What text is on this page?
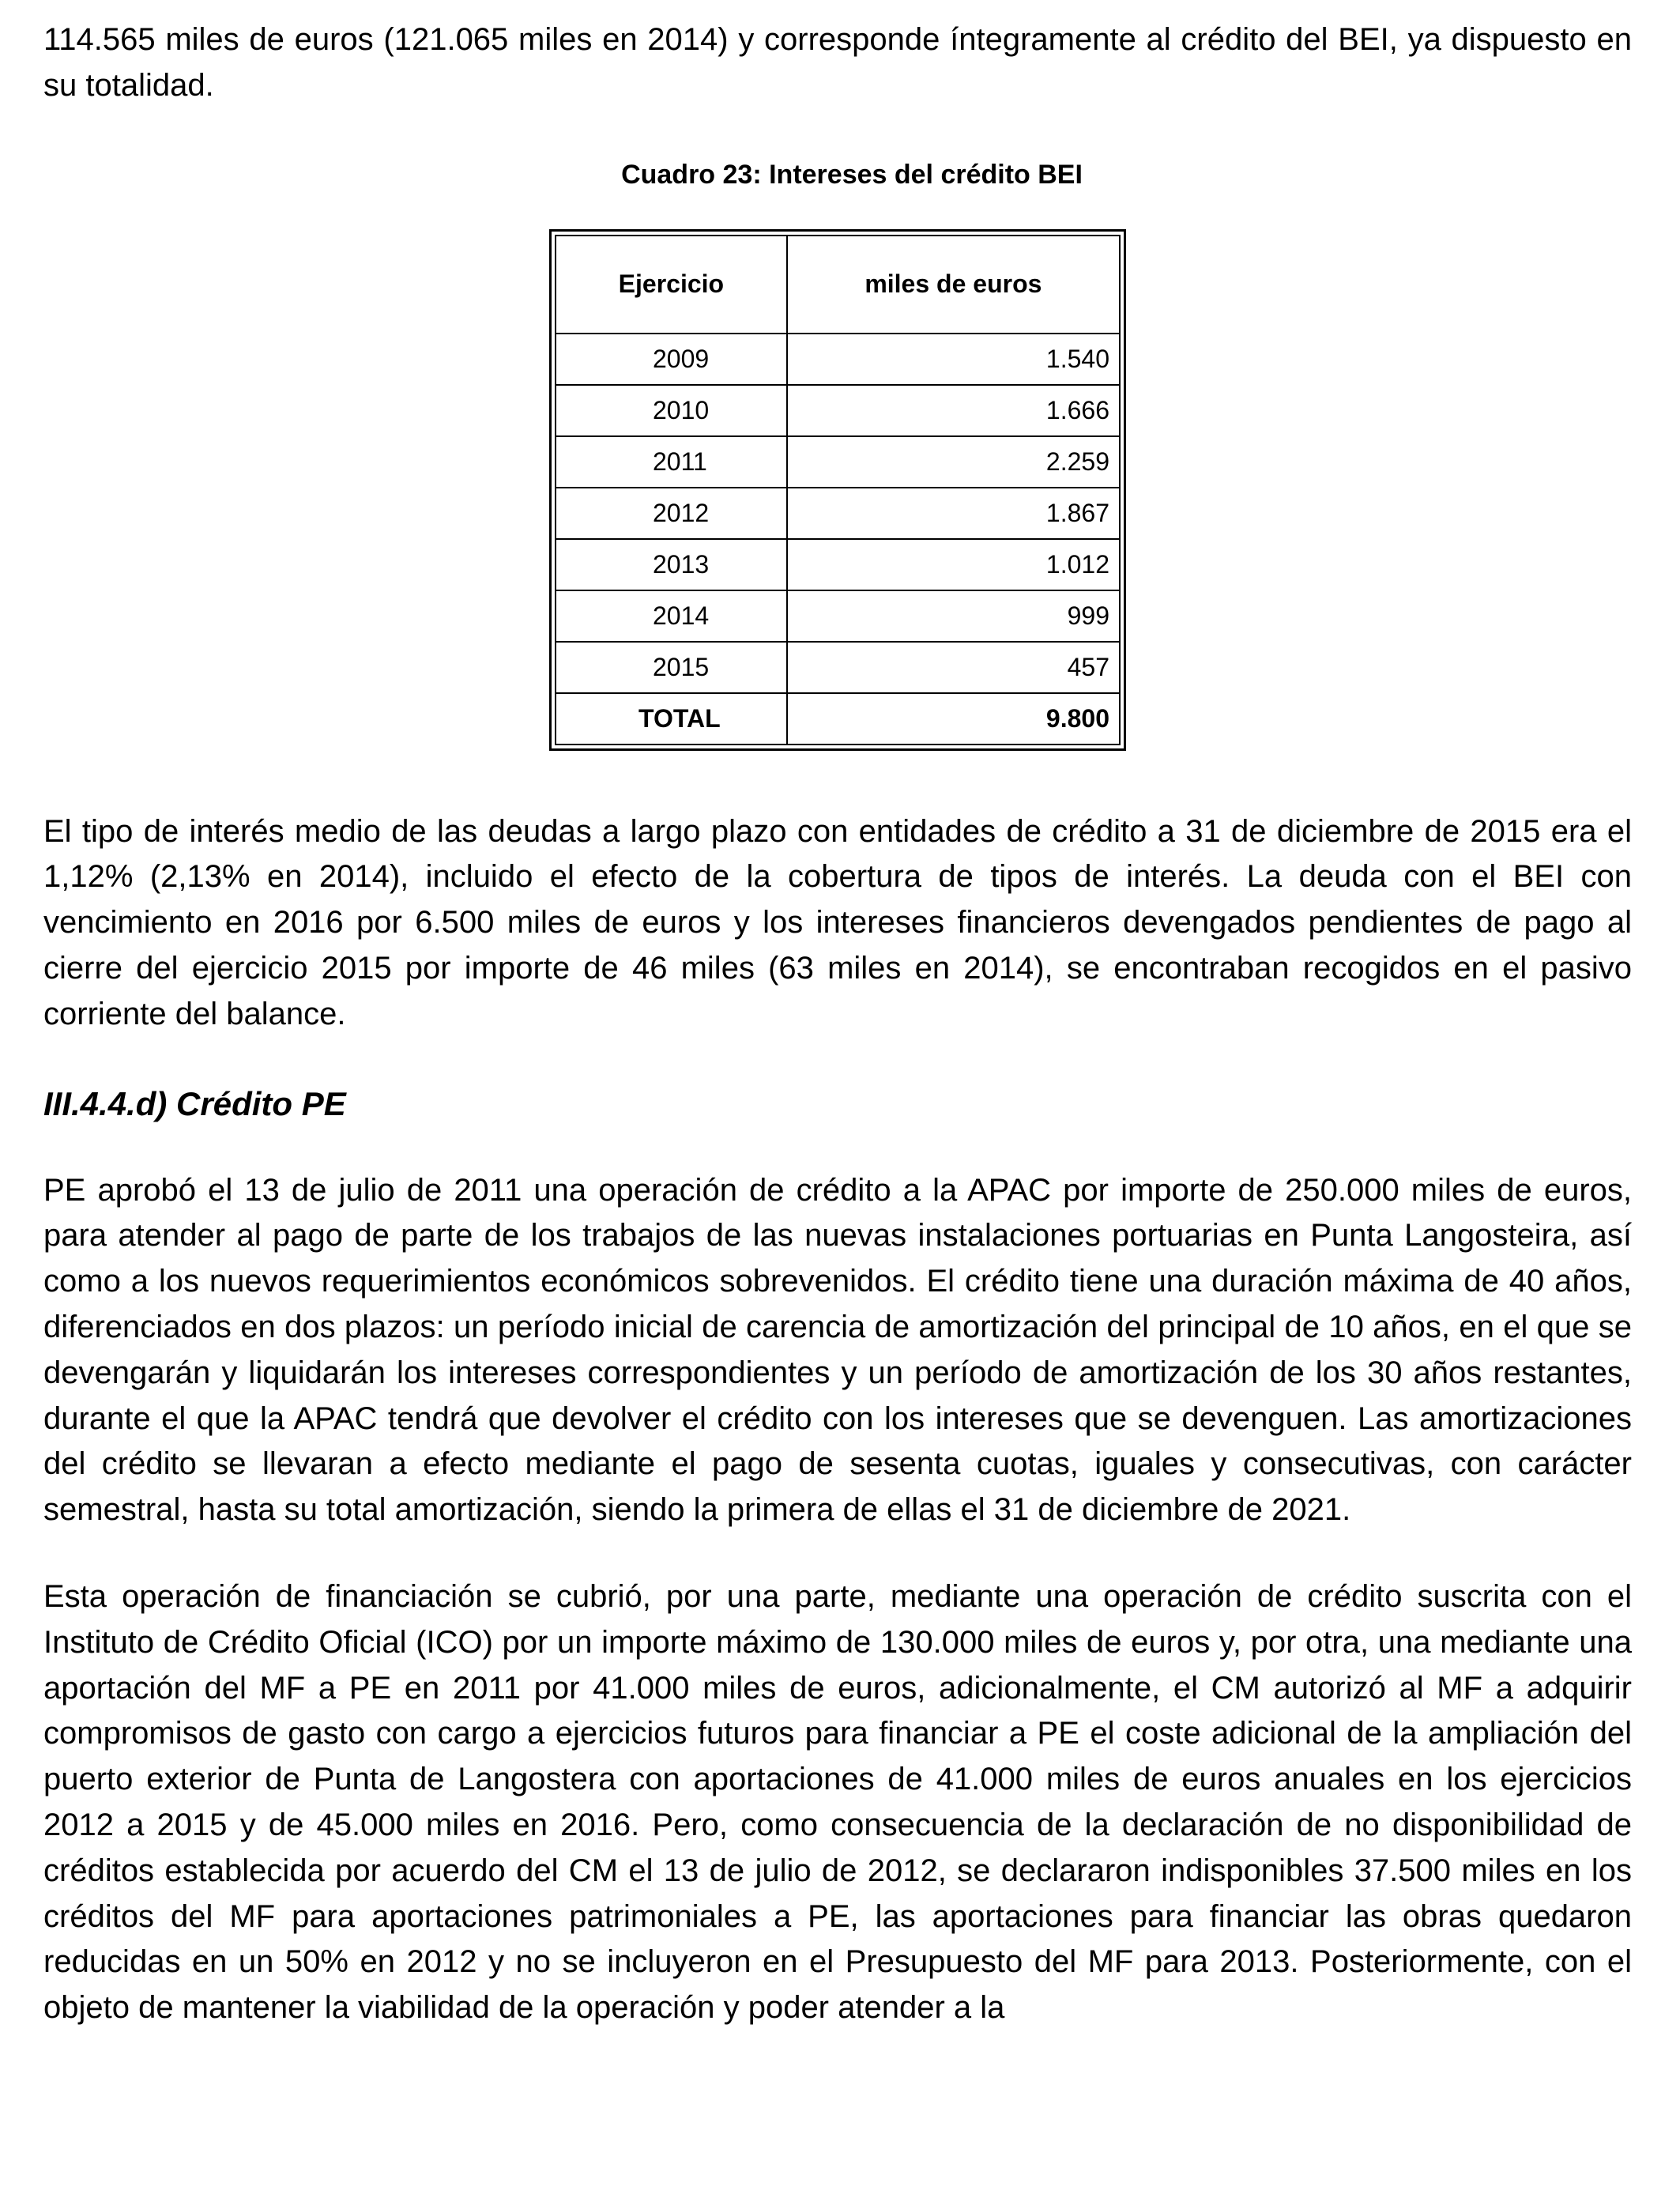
114.565 miles de euros (121.065 miles en 2014) y corresponde íntegramente al crédito del BEI, ya dispuesto en su totalidad.

Cuadro 23: Intereses del crédito BEI
Ejercicio	miles de euros
2009	1.540
2010	1.666
2011	2.259
2012	1.867
2013	1.012
2014	999
2015	457
TOTAL	9.800

El tipo de interés medio de las deudas a largo plazo con entidades de crédito a 31 de diciembre de 2015 era el 1,12% (2,13% en 2014), incluido el efecto de la cobertura de tipos de interés. La deuda con el BEI con vencimiento en 2016 por 6.500 miles de euros y los intereses financieros devengados pendientes de pago al cierre del ejercicio 2015 por importe de 46 miles (63 miles en 2014), se encontraban recogidos en el pasivo corriente del balance.

III.4.4.d) Crédito PE

PE aprobó el 13 de julio de 2011 una operación de crédito a la APAC por importe de 250.000 miles de euros, para atender al pago de parte de los trabajos de las nuevas instalaciones portuarias en Punta Langosteira, así como a los nuevos requerimientos económicos sobrevenidos. El crédito tiene una duración máxima de 40 años, diferenciados en dos plazos: un período inicial de carencia de amortización del principal de 10 años, en el que se devengarán y liquidarán los intereses correspondientes y un período de amortización de los 30 años restantes, durante el que la APAC tendrá que devolver el crédito con los intereses que se devenguen. Las amortizaciones del crédito se llevaran a efecto mediante el pago de sesenta cuotas, iguales y consecutivas, con carácter semestral, hasta su total amortización, siendo la primera de ellas el 31 de diciembre de 2021.

Esta operación de financiación se cubrió, por una parte, mediante una operación de crédito suscrita con el Instituto de Crédito Oficial (ICO) por un importe máximo de 130.000 miles de euros y, por otra, una mediante una aportación del MF a PE en 2011 por 41.000 miles de euros, adicionalmente, el CM autorizó al MF a adquirir compromisos de gasto con cargo a ejercicios futuros para financiar a PE el coste adicional de la ampliación del puerto exterior de Punta de Langostera con aportaciones de 41.000 miles de euros anuales en los ejercicios 2012 a 2015 y de 45.000 miles en 2016. Pero, como consecuencia de la declaración de no disponibilidad de créditos establecida por acuerdo del CM el 13 de julio de 2012, se declararon indisponibles 37.500 miles en los créditos del MF para aportaciones patrimoniales a PE, las aportaciones para financiar las obras quedaron reducidas en un 50% en 2012 y no se incluyeron en el Presupuesto del MF para 2013. Posteriormente, con el objeto de mantener la viabilidad de la operación y poder atender a la
